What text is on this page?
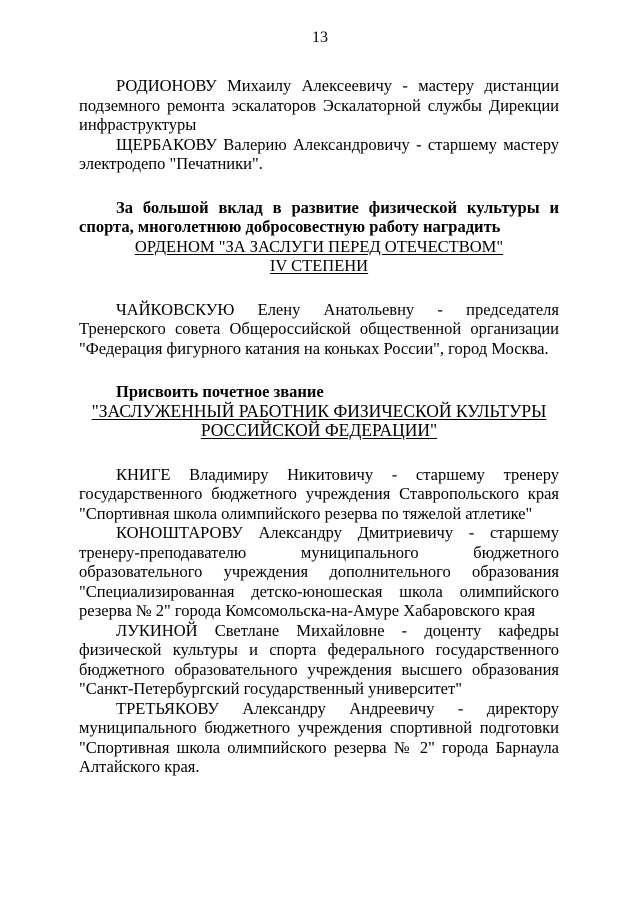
13

РОДИОНОВУ Михаилу Алексеевичу - мастеру дистанции подземного ремонта эскалаторов Эскалаторной службы Дирекции инфраструктуры

ЩЕРБАКОВУ Валерию Александровичу - старшему мастеру электродепо "Печатники".

За большой вклад в развитие физической культуры и спорта, многолетнюю добросовестную работу наградить

ОРДЕНОМ "ЗА ЗАСЛУГИ ПЕРЕД ОТЕЧЕСТВОМ"
IV СТЕПЕНИ

ЧАЙКОВСКУЮ Елену Анатольевну - председателя Тренерского совета Общероссийской общественной организации "Федерация фигурного катания на коньках России", город Москва.

Присвоить почетное звание

"ЗАСЛУЖЕННЫЙ РАБОТНИК ФИЗИЧЕСКОЙ КУЛЬТУРЫ
РОССИЙСКОЙ ФЕДЕРАЦИИ"

КНИГЕ Владимиру Никитовичу - старшему тренеру государственного бюджетного учреждения Ставропольского края "Спортивная школа олимпийского резерва по тяжелой атлетике"

КОНОШТАРОВУ Александру Дмитриевичу - старшему тренеру-преподавателю муниципального бюджетного образовательного учреждения дополнительного образования "Специализированная детско-юношеская школа олимпийского резерва № 2" города Комсомольска-на-Амуре Хабаровского края

ЛУКИНОЙ Светлане Михайловне - доценту кафедры физической культуры и спорта федерального государственного бюджетного образовательного учреждения высшего образования "Санкт-Петербургский государственный университет"

ТРЕТЬЯКОВУ Александру Андреевичу - директору муниципального бюджетного учреждения спортивной подготовки "Спортивная школа олимпийского резерва № 2" города Барнаула Алтайского края.
